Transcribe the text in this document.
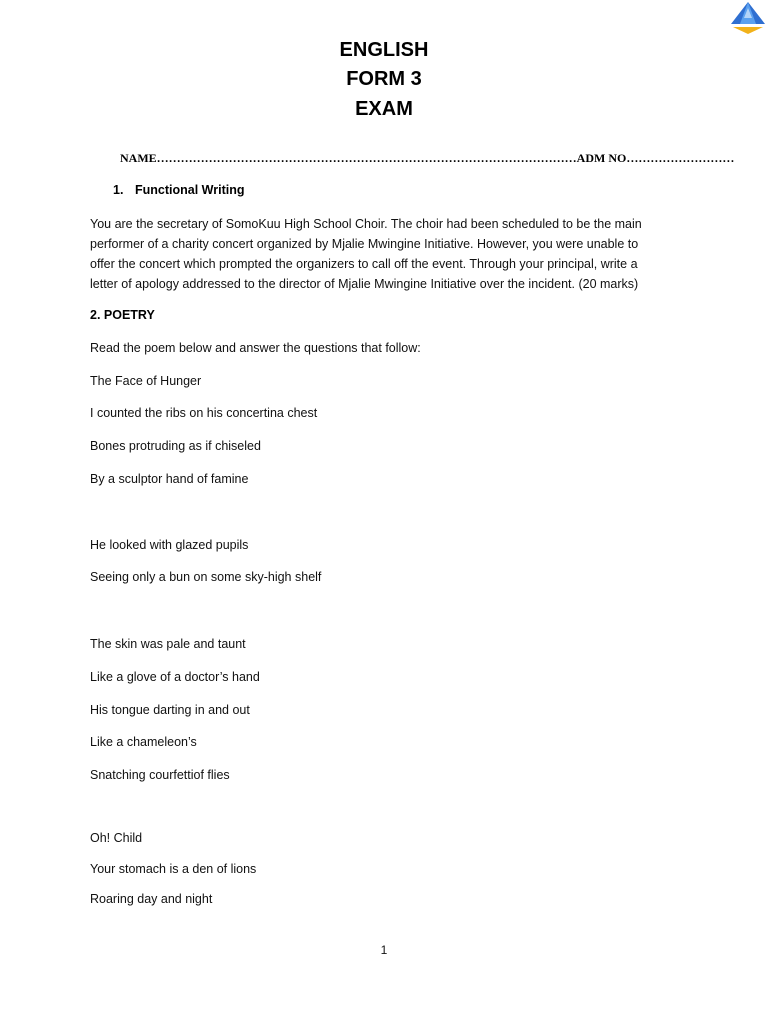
ENGLISH
FORM 3
EXAM
NAME……………………………………………………………………………………………ADM NO………………………
1. Functional Writing
You are the secretary of SomoKuu High School Choir. The choir had been scheduled to be the main
performer of a charity concert organized by Mjalie Mwingine Initiative. However, you were unable to
offer the concert which prompted the organizers to call off the event. Through your principal, write a
letter of apology addressed to the director of Mjalie Mwingine Initiative over the incident. (20 marks)
2. POETRY
Read the poem below and answer the questions that follow:
The Face of Hunger
I counted the ribs on his concertina chest
Bones protruding as if chiseled
By a sculptor hand of famine
He looked with glazed pupils
Seeing only a bun on some sky-high shelf
The skin was pale and taunt
Like a glove of a doctor’s hand
His tongue darting in and out
Like a chameleon’s
Snatching courfettiof flies
Oh! Child
Your stomach is a den of lions
Roaring day and night
1
